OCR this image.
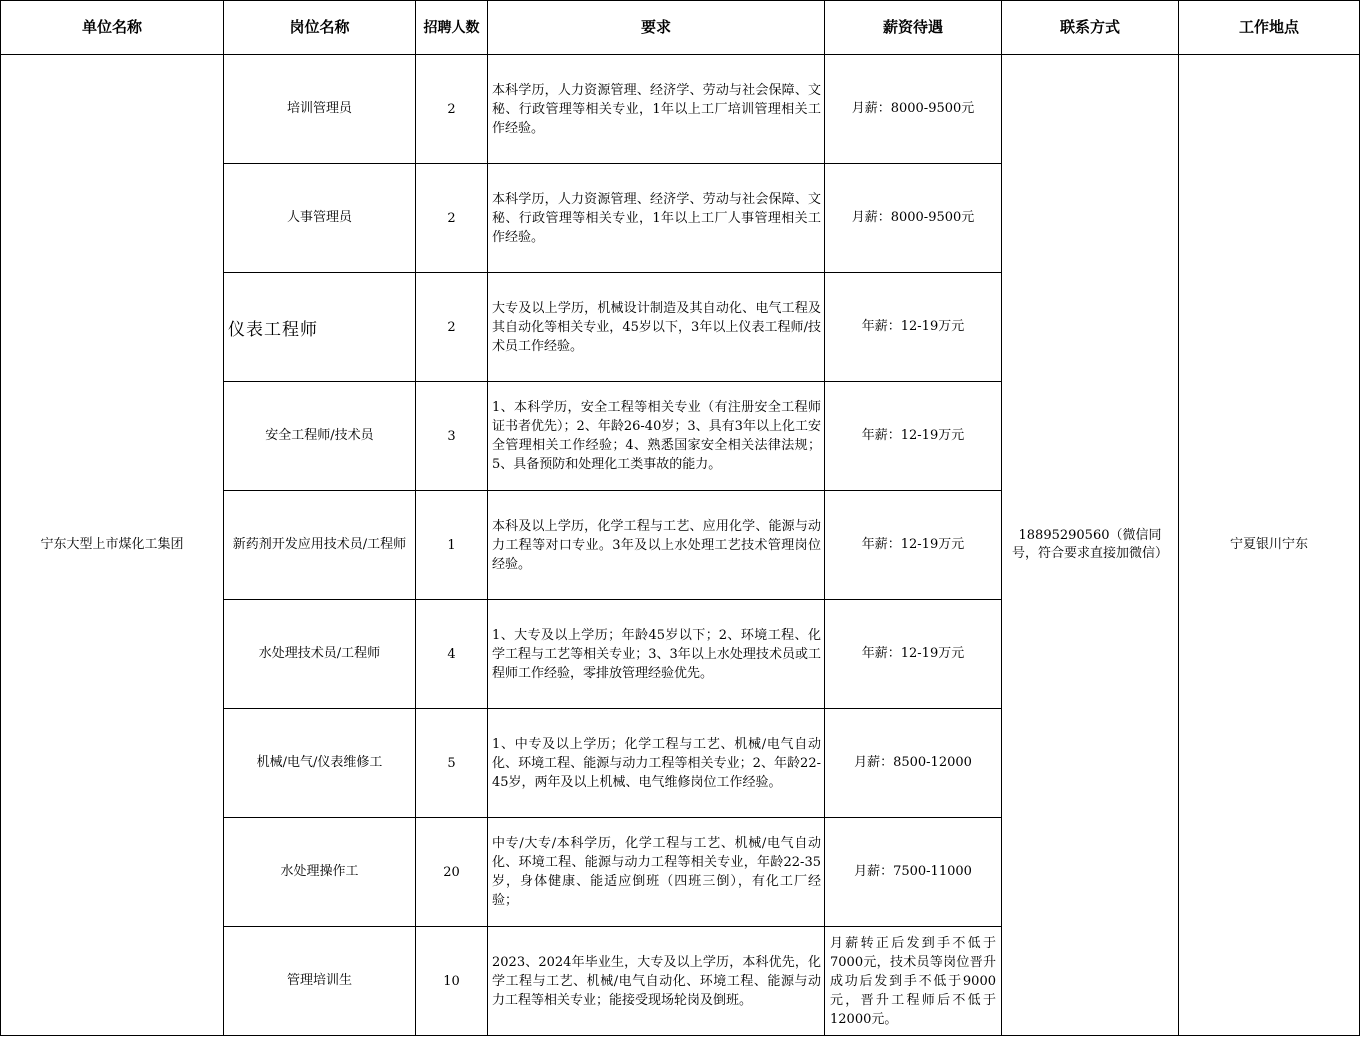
单位名称	岗位名称	招聘人数	要求	薪资待遇	联系方式	工作地点
宁东大型上市煤化工集团	培训管理员	2	本科学历，人力资源管理、经济学、劳动与社会保障、文秘、行政管理等相关专业，1年以上工厂培训管理相关工作经验。	月薪：8000-9500元	18895290560（微信同号，符合要求直接加微信）	宁夏银川宁东
	人事管理员	2	本科学历，人力资源管理、经济学、劳动与社会保障、文秘、行政管理等相关专业，1年以上工厂人事管理相关工作经验。	月薪：8000-9500元		
	仪表工程师	2	大专及以上学历，机械设计制造及其自动化、电气工程及其自动化等相关专业，45岁以下，3年以上仪表工程师/技术员工作经验。	年薪：12-19万元		
	安全工程师/技术员	3	1、本科学历，安全工程等相关专业（有注册安全工程师证书者优先）；2、年龄26-40岁；3、具有3年以上化工安全管理相关工作经验；4、熟悉国家安全相关法律法规；5、具备预防和处理化工类事故的能力。	年薪：12-19万元		
	新药剂开发应用技术员/工程师	1	本科及以上学历，化学工程与工艺、应用化学、能源与动力工程等对口专业。3年及以上水处理工艺技术管理岗位经验。	年薪：12-19万元		
	水处理技术员/工程师	4	1、大专及以上学历；年龄45岁以下；2、环境工程、化学工程与工艺等相关专业；3、3年以上水处理技术员或工程师工作经验，零排放管理经验优先。	年薪：12-19万元		
	机械/电气/仪表维修工	5	1、中专及以上学历；化学工程与工艺、机械/电气自动化、环境工程、能源与动力工程等相关专业；2、年龄22-45岁，两年及以上机械、电气维修岗位工作经验。	月薪：8500-12000		
	水处理操作工	20	中专/大专/本科学历，化学工程与工艺、机械/电气自动化、环境工程、能源与动力工程等相关专业，年龄22-35岁，身体健康、能适应倒班（四班三倒），有化工厂经验；	月薪：7500-11000		
	管理培训生	10	2023、2024年毕业生，大专及以上学历，本科优先，化学工程与工艺、机械/电气自动化、环境工程、能源与动力工程等相关专业；能接受现场轮岗及倒班。	月薪转正后发到手不低于7000元，技术员等岗位晋升成功后发到手不低于9000元，晋升工程师后不低于12000元。		
